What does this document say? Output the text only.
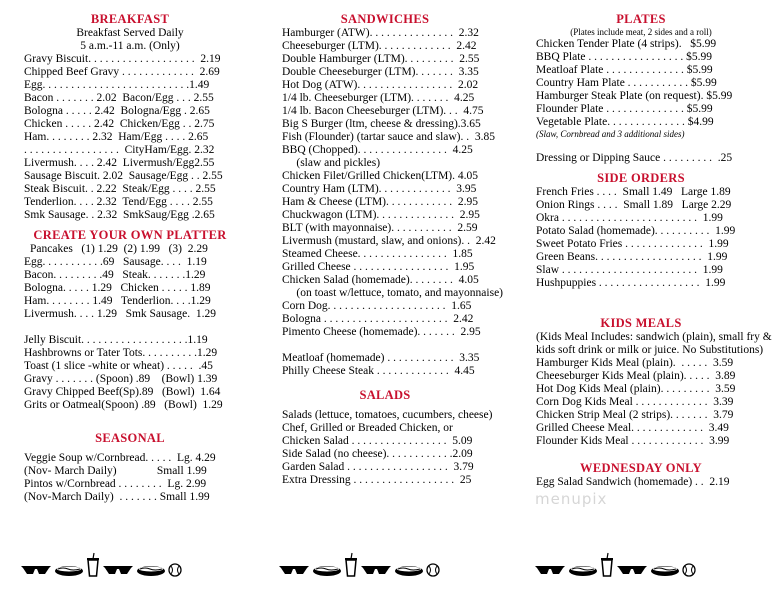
BREAKFAST
Breakfast Served Daily
5 a.m.-11 a.m. (Only)
Gravy Biscuit. . . . . . . . . . . . . . . . . . .  2.19
Chipped Beef Gravy . . . . . . . . . . . . .  2.69
Egg. . . . . . . . . . . . . . . . . . . . . . . . . .1.49
Bacon . . . . . . . 2.02  Bacon/Egg . . . 2.55
Bologna . . . . . 2.42  Bologna/Egg . 2.65
Chicken . . . . . 2.42  Chicken/Egg . . 2.75
Ham. . . . . . . . 2.32  Ham/Egg . . . . 2.65
. . . . . . . . . . . . . . . . .  CityHam/Egg. 2.32
Livermush. . . . 2.42  Livermush/Egg2.55
Sausage Biscuit. 2.02  Sausage/Egg . . 2.55
Steak Biscuit. . 2.22  Steak/Egg . . . . 2.55
Tenderlion. . . . 2.32  Tend/Egg . . . . 2.55
Smk Sausage. . 2.32  SmkSaug/Egg .2.65
CREATE YOUR OWN PLATTER
Pancakes   (1) 1.29  (2) 1.99   (3)  2.29
Egg. . . . . . . . . . .69   Sausage. . . .  1.19
Bacon. . . . . . . . .49   Steak. . . . . . .1.29
Bologna. . . . . 1.29   Chicken . . . . . 1.89
Ham. . . . . . . . 1.49   Tenderlion. . . .1.29
Livermush. . . . 1.29   Smk Sausage.  1.29
Jelly Biscuit. . . . . . . . . . . . . . . . . . .1.19
Hashbrowns or Tater Tots. . . . . . . . . .1.29
Toast (1 slice -white or wheat) . . . . .  .45
Gravy . . . . . . . (Spoon) .89    (Bowl) 1.39
Gravy Chipped Beef(Sp).89   (Bowl)  1.64
Grits or Oatmeal(Spoon) .89   (Bowl)  1.29
SEASONAL
Veggie Soup w/Cornbread. . . . .  Lg. 4.29
(Nov- March Daily)              Small 1.99
Pintos w/Cornbread . . . . . . . .  Lg. 2.99
(Nov-March Daily)  . . . . . . . Small 1.99
SANDWICHES
Hamburger (ATW). . . . . . . . . . . . . . .  2.32
Cheeseburger (LTM). . . . . . . . . . . . .  2.42
Double Hamburger (LTM). . . . . . . . .  2.55
Double Cheeseburger (LTM). . . . . . .  3.35
Hot Dog (ATW). . . . . . . . . . . . . . . . .  2.02
1/4 lb. Cheeseburger (LTM). . . . . . .  4.25
1/4 lb. Bacon Cheeseburger (LTM). . .  4.75
Big S Burger (ltm, cheese & dressing).3.65
Fish (Flounder) (tartar sauce and slaw). .  3.85
BBQ (Chopped). . . . . . . . . . . . . . . .  4.25
(slaw and pickles)
Chicken Filet/Grilled Chicken(LTM). 4.05
Country Ham (LTM). . . . . . . . . . . . .  3.95
Ham & Cheese (LTM). . . . . . . . . . . .  2.95
Chuckwagon (LTM). . . . . . . . . . . . . .  2.95
BLT (with mayonnaise). . . . . . . . . . .  2.59
Livermush (mustard, slaw, and onions). .  2.42
Steamed Cheese. . . . . . . . . . . . . . . .  1.85
Grilled Cheese . . . . . . . . . . . . . . . . .  1.95
Chicken Salad (homemade). . . . . . . .  4.05
(on toast w/lettuce, tomato, and mayonnaise)
Corn Dog. . . . . . . . . . . . . . . . . . . . .  1.65
Bologna . . . . . . . . . . . . . . . . . . . . . .  2.42
Pimento Cheese (homemade). . . . . . .  2.95

Meatloaf (homemade) . . . . . . . . . . . .  3.35
Philly Cheese Steak . . . . . . . . . . . . .  4.45
SALADS
Salads (lettuce, tomatoes, cucumbers, cheese)
Chef, Grilled or Breaded Chicken, or
Chicken Salad . . . . . . . . . . . . . . . . .  5.09
Side Salad (no cheese). . . . . . . . . . . .2.09
Garden Salad . . . . . . . . . . . . . . . . . .  3.79
Extra Dressing . . . . . . . . . . . . . . . . . .  25
PLATES
(Plates include meat, 2 sides and a roll)
Chicken Tender Plate (4 strips).   $5.99
BBQ Plate . . . . . . . . . . . . . . . . . $5.99
Meatloaf Plate . . . . . . . . . . . . . . $5.99
Country Ham Plate . . . . . . . . . . . $5.99
Hamburger Steak Plate (on request). $5.99
Flounder Plate . . . . . . . . . . . . . . $5.99
Vegetable Plate. . . . . . . . . . . . . . $4.99
(Slaw, Cornbread and 3 additional sides)
Dressing or Dipping Sauce . . . . . . . . .  .25
SIDE ORDERS
French Fries . . . .  Small 1.49   Large 1.89
Onion Rings . . . .  Small 1.89   Large 2.29
Okra . . . . . . . . . . . . . . . . . . . . . . . .  1.99
Potato Salad (homemade). . . . . . . . . .  1.99
Sweet Potato Fries . . . . . . . . . . . . . .  1.99
Green Beans. . . . . . . . . . . . . . . . . . .  1.99
Slaw . . . . . . . . . . . . . . . . . . . . . . . .  1.99
Hushpuppies . . . . . . . . . . . . . . . . . .  1.99
KIDS MEALS
(Kids Meal Includes: sandwich (plain), small fry &
kids soft drink or milk or juice. No Substitutions)
Hamburger Kids Meal (plain).  . . . . .  3.59
Cheeseburger Kids Meal (plain). . . . .  3.89
Hot Dog Kids Meal (plain). . . . . . . . .  3.59
Corn Dog Kids Meal . . . . . . . . . . . . .  3.39
Chicken Strip Meal (2 strips). . . . . . .  3.79
Grilled Cheese Meal. . . . . . . . . . . . .  3.49
Flounder Kids Meal . . . . . . . . . . . . .  3.99
WEDNESDAY ONLY
Egg Salad Sandwich (homemade) . .  2.19
menupix
